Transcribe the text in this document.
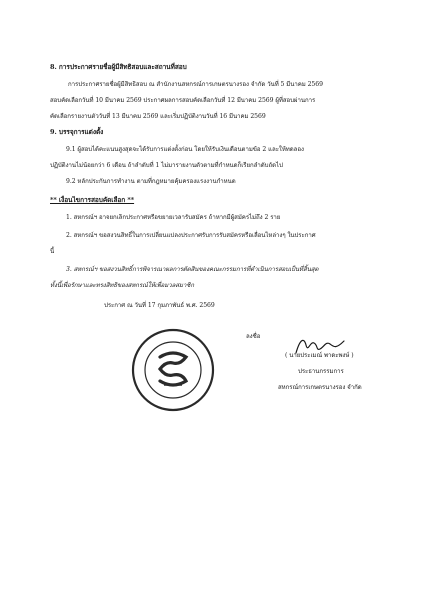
8. การประกาศรายชื่อผู้มีสิทธิสอบและสถานที่สอบ
การประกาศรายชื่อผู้มีสิทธิสอบ ณ สำนักงานสหกรณ์การเกษตรนางรอง จำกัด วันที่ 5 มีนาคม 2569
สอบคัดเลือกวันที่ 10 มีนาคม 2569 ประกาศผลการสอบคัดเลือกวันที่ 12 มีนาคม 2569 ผู้ที่สอบผ่านการ
คัดเลือกรายงานตัววันที่ 13 มีนาคม 2569 และเริ่มปฏิบัติงานวันที่ 16 มีนาคม 2569
9. บรรจุการแต่งตั้ง
9.1 ผู้สอบได้คะแนนสูงสุดจะได้รับการแต่งตั้งก่อน โดยให้รับเงินเดือนตามข้อ 2 และให้ทดลอง
ปฏิบัติงานไม่น้อยกว่า 6 เดือน ถ้าลำดับที่ 1 ไม่มารายงานตัวตามที่กำหนดก็เรียกลำดับถัดไป
9.2 หลักประกันการทำงาน ตามที่กฎหมายคุ้มครองแรงงานกำหนด
** เงื่อนไขการสอบคัดเลือก **
1. สหกรณ์ฯ อาจยกเลิกประกาศหรือขยายเวลารับสมัคร ถ้าหากมีผู้สมัครไม่ถึง 2 ราย
2. สหกรณ์ฯ ขอสงวนสิทธิ์ในการเปลี่ยนแปลงประกาศรับการรับสมัครหรือเลื่อนไหล่างๆ ในประกาศ
นี้
3. สหกรณ์ฯ ขอสงวนสิทธิ์การพิจารณาผลการตัดสินของคณะกรรมการที่ดำเนินการสอบเป็นที่สิ้นสุด
ทั้งนี้เพื่อรักษาและทรงสิทธิของสหกรณ์ให้เพื่อมวลสมาชิก
ประกาศ ณ วันที่ 17 กุมภาพันธ์ พ.ศ. 2569
ลงชื่อ
( นายประเมณ์ พาดะพงษ์ )
ประธานกรรมการ
สหกรณ์การเกษตรนางรอง จำกัด
